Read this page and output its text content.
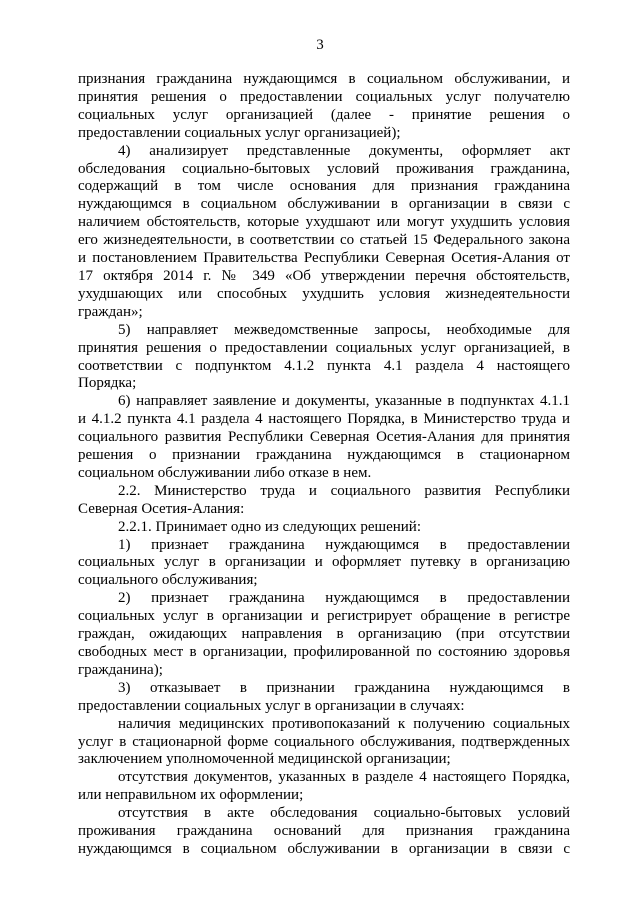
3
признания гражданина нуждающимся в социальном обслуживании, и
принятия решения о предоставлении социальных услуг получателю
социальных услуг организацией (далее - принятие решения о
предоставлении социальных услуг организацией);
4) анализирует представленные документы, оформляет акт
обследования социально-бытовых условий проживания гражданина,
содержащий в том числе основания для признания гражданина
нуждающимся в социальном обслуживании в организации в связи с
наличием обстоятельств, которые ухудшают или могут ухудшить условия
его жизнедеятельности, в соответствии со статьей 15 Федерального закона
и постановлением Правительства Республики Северная Осетия-Алания от
17 октября 2014 г. № 349 «Об утверждении перечня обстоятельств,
ухудшающих или способных ухудшить условия жизнедеятельности
граждан»;
5) направляет межведомственные запросы, необходимые для
принятия решения о предоставлении социальных услуг организацией, в
соответствии с подпунктом 4.1.2 пункта 4.1 раздела 4 настоящего
Порядка;
6) направляет заявление и документы, указанные в подпунктах 4.1.1
и 4.1.2 пункта 4.1 раздела 4 настоящего Порядка, в Министерство труда и
социального развития Республики Северная Осетия-Алания для принятия
решения о признании гражданина нуждающимся в стационарном
социальном обслуживании либо отказе в нем.
2.2. Министерство труда и социального развития Республики
Северная Осетия-Алания:
2.2.1. Принимает одно из следующих решений:
1) признает гражданина нуждающимся в предоставлении
социальных услуг в организации и оформляет путевку в организацию
социального обслуживания;
2) признает гражданина нуждающимся в предоставлении
социальных услуг в организации и регистрирует обращение в регистре
граждан, ожидающих направления в организацию (при отсутствии
свободных мест в организации, профилированной по состоянию здоровья
гражданина);
3) отказывает в признании гражданина нуждающимся в
предоставлении социальных услуг в организации в случаях:
наличия медицинских противопоказаний к получению социальных
услуг в стационарной форме социального обслуживания, подтвержденных
заключением уполномоченной медицинской организации;
отсутствия документов, указанных в разделе 4 настоящего Порядка,
или неправильном их оформлении;
отсутствия в акте обследования социально-бытовых условий
проживания гражданина оснований для признания гражданина
нуждающимся в социальном обслуживании в организации в связи с
